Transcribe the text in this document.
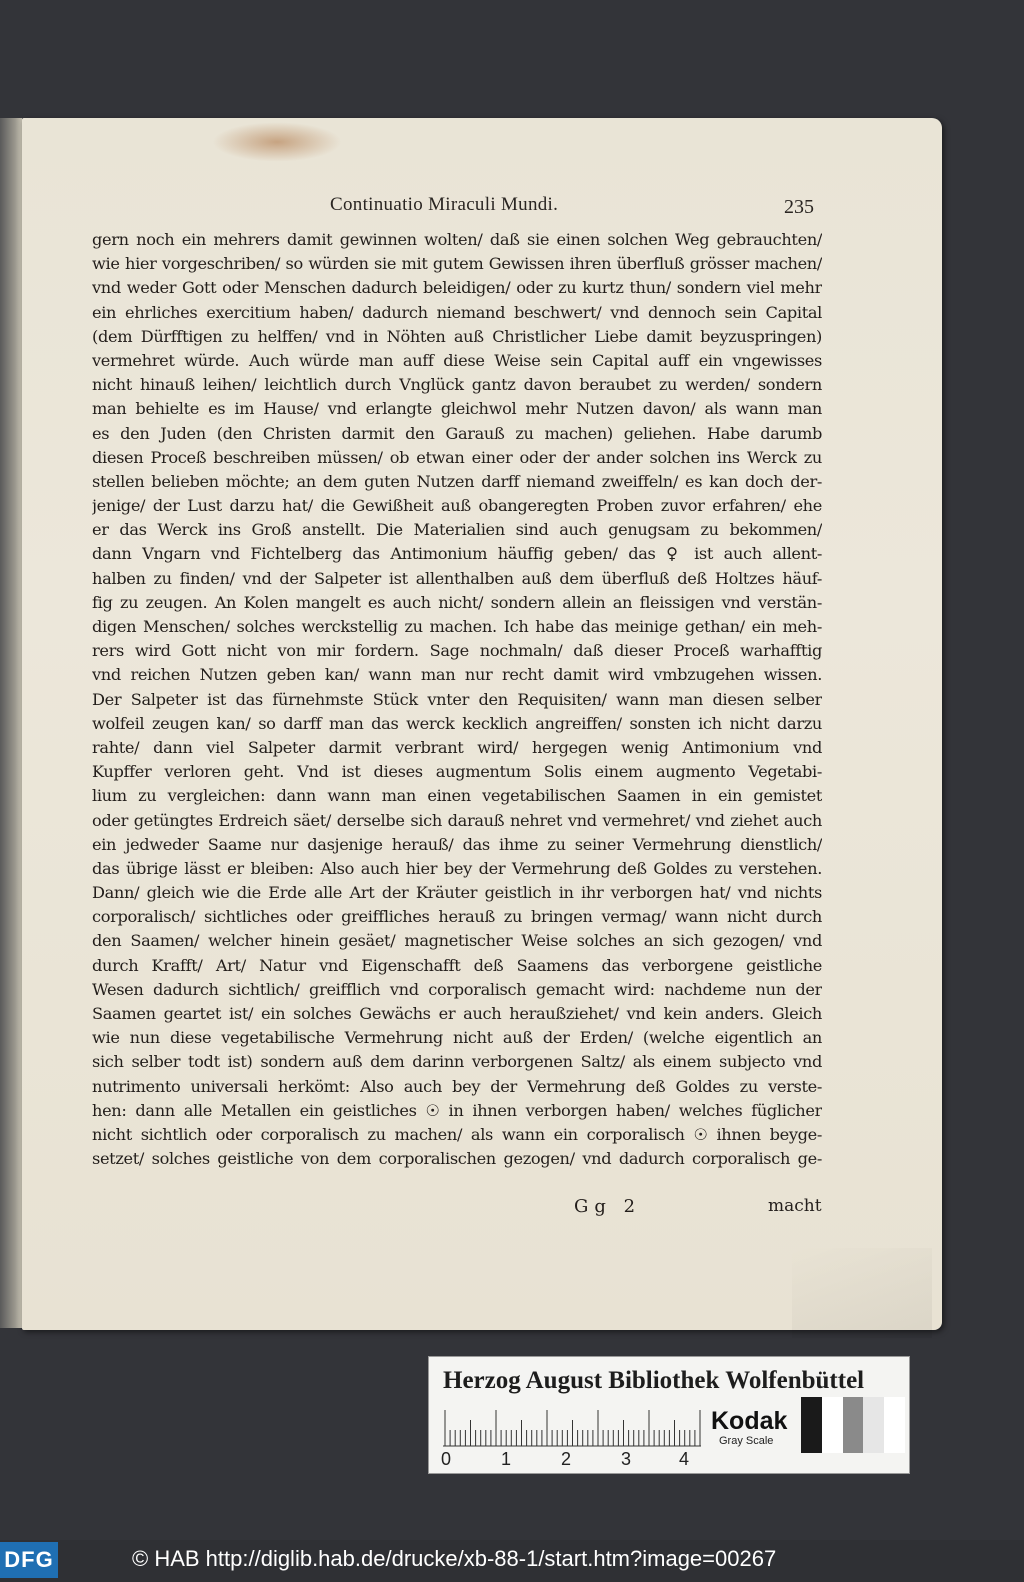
Continuatio Miraculi Mundi.	235
gern noch ein mehrers damit gewinnen wolten/ daß sie einen solchen Weg gebrauchten/
wie hier vorgeschriben/ so würden sie mit gutem Gewissen ihren überfluß grösser machen/
vnd weder Gott oder Menschen dadurch beleidigen/ oder zu kurtz thun/ sondern viel mehr
ein ehrliches exercitium haben/ dadurch niemand beschwert/ vnd dennoch sein Capital
(dem Dürfftigen zu helffen/ vnd in Nöhten auß Christlicher Liebe damit beyzuspringen)
vermehret würde. Auch würde man auff diese Weise sein Capital auff ein vngewisses
nicht hinauß leihen/ leichtlich durch Vnglück gantz davon beraubet zu werden/ sondern
man behielte es im Hause/ vnd erlangte gleichwol mehr Nutzen davon/ als wann man
es den Juden (den Christen darmit den Garauß zu machen) geliehen. Habe darumb
diesen Proceß beschreiben müssen/ ob etwan einer oder der ander solchen ins Werck zu
stellen belieben möchte; an dem guten Nutzen darff niemand zweiffeln/ es kan doch der-
jenige/ der Lust darzu hat/ die Gewißheit auß obangeregten Proben zuvor erfahren/ ehe
er das Werck ins Groß anstellt. Die Materialien sind auch genugsam zu bekommen/
dann Vngarn vnd Fichtelberg das Antimonium häuffig geben/ das ♀ ist auch allent-
halben zu finden/ vnd der Salpeter ist allenthalben auß dem überfluß deß Holtzes häuf-
fig zu zeugen. An Kolen mangelt es auch nicht/ sondern allein an fleissigen vnd verstän-
digen Menschen/ solches werckstellig zu machen. Ich habe das meinige gethan/ ein meh-
rers wird Gott nicht von mir fordern. Sage nochmaln/ daß dieser Proceß warhafftig
vnd reichen Nutzen geben kan/ wann man nur recht damit wird vmbzugehen wissen.
Der Salpeter ist das fürnehmste Stück vnter den Requisiten/ wann man diesen selber
wolfeil zeugen kan/ so darff man das werck kecklich angreiffen/ sonsten ich nicht darzu
rahte/ dann viel Salpeter darmit verbrant wird/ hergegen wenig Antimonium vnd
Kupffer verloren geht. Vnd ist dieses augmentum Solis einem augmento Vegetabi-
lium zu vergleichen: dann wann man einen vegetabilischen Saamen in ein gemistet
oder getüngtes Erdreich säet/ derselbe sich darauß nehret vnd vermehret/ vnd ziehet auch
ein jedweder Saame nur dasjenige herauß/ das ihme zu seiner Vermehrung dienstlich/
das übrige lässt er bleiben: Also auch hier bey der Vermehrung deß Goldes zu verstehen.
Dann/ gleich wie die Erde alle Art der Kräuter geistlich in ihr verborgen hat/ vnd nichts
corporalisch/ sichtliches oder greiffliches herauß zu bringen vermag/ wann nicht durch
den Saamen/ welcher hinein gesäet/ magnetischer Weise solches an sich gezogen/ vnd
durch Krafft/ Art/ Natur vnd Eigenschafft deß Saamens das verborgene geistliche
Wesen dadurch sichtlich/ greifflich vnd corporalisch gemacht wird: nachdeme nun der
Saamen geartet ist/ ein solches Gewächs er auch heraußziehet/ vnd kein anders. Gleich
wie nun diese vegetabilische Vermehrung nicht auß der Erden/ (welche eigentlich an
sich selber todt ist) sondern auß dem darinn verborgenen Saltz/ als einem subjecto vnd
nutrimento universali herkömt: Also auch bey der Vermehrung deß Goldes zu verste-
hen: dann alle Metallen ein geistliches ☉ in ihnen verborgen haben/ welches füglicher
nicht sichtlich oder corporalisch zu machen/ als wann ein corporalisch ☉ ihnen beyge-
setzet/ solches geistliche von dem corporalischen gezogen/ vnd dadurch corporalisch ge-
Gg 2	macht
Herzog August Bibliothek Wolfenbüttel
0	1	2	3	4
Kodak
Gray Scale
DFG	© HAB http://diglib.hab.de/drucke/xb-88-1/start.htm?image=00267
